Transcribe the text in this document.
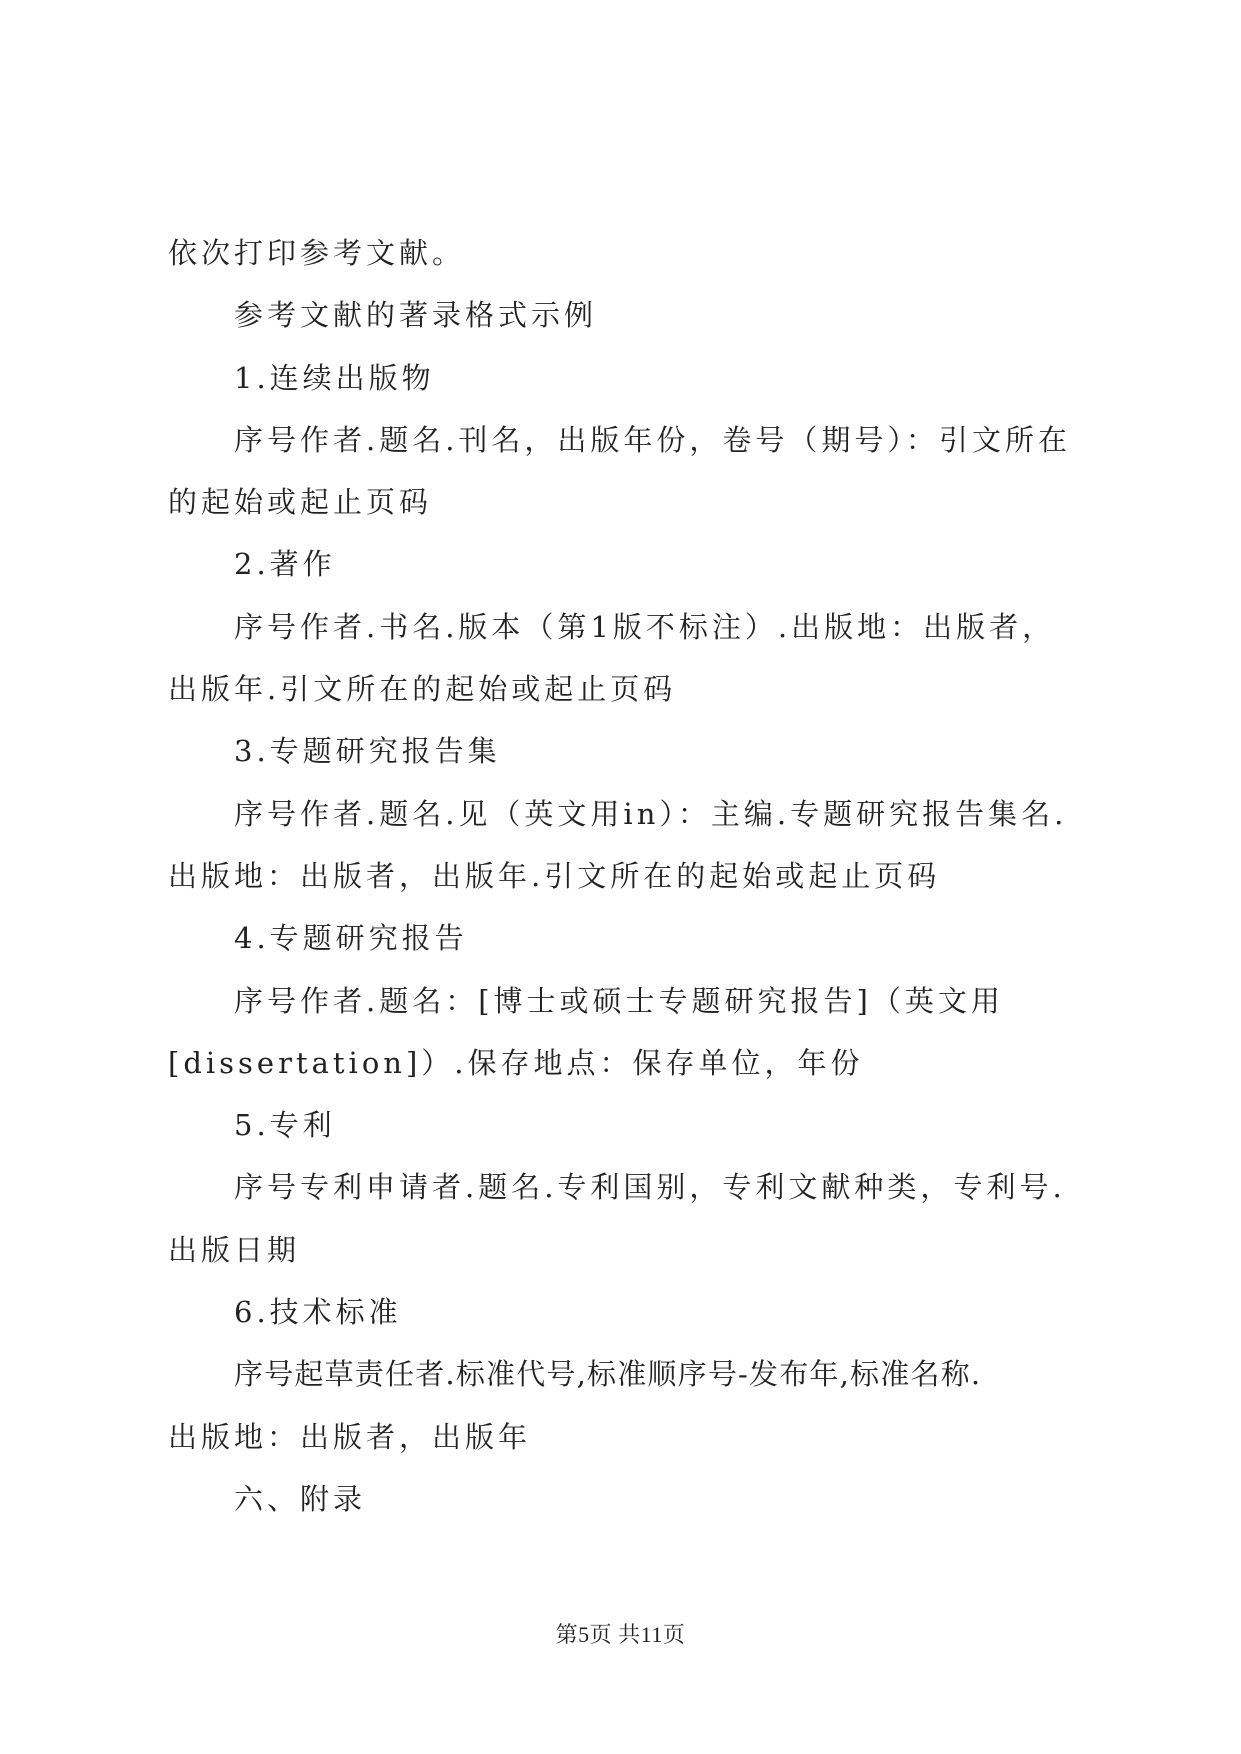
依次打印参考文献。

参考文献的著录格式示例

1.连续出版物

序号作者.题名.刊名，出版年份，卷号（期号）：引文所在

的起始或起止页码

2.著作

序号作者.书名.版本（第1版不标注）.出版地：出版者，

出版年.引文所在的起始或起止页码

3.专题研究报告集

序号作者.题名.见（英文用in）：主编.专题研究报告集名.

出版地：出版者，出版年.引文所在的起始或起止页码

4.专题研究报告

序号作者.题名：[博士或硕士专题研究报告]（英文用

[dissertation]）.保存地点：保存单位，年份

5.专利

序号专利申请者.题名.专利国别，专利文献种类，专利号.

出版日期

6.技术标准

序号起草责任者.标准代号,标准顺序号-发布年,标准名称.

出版地：出版者，出版年

六、附录

第5页 共11页
